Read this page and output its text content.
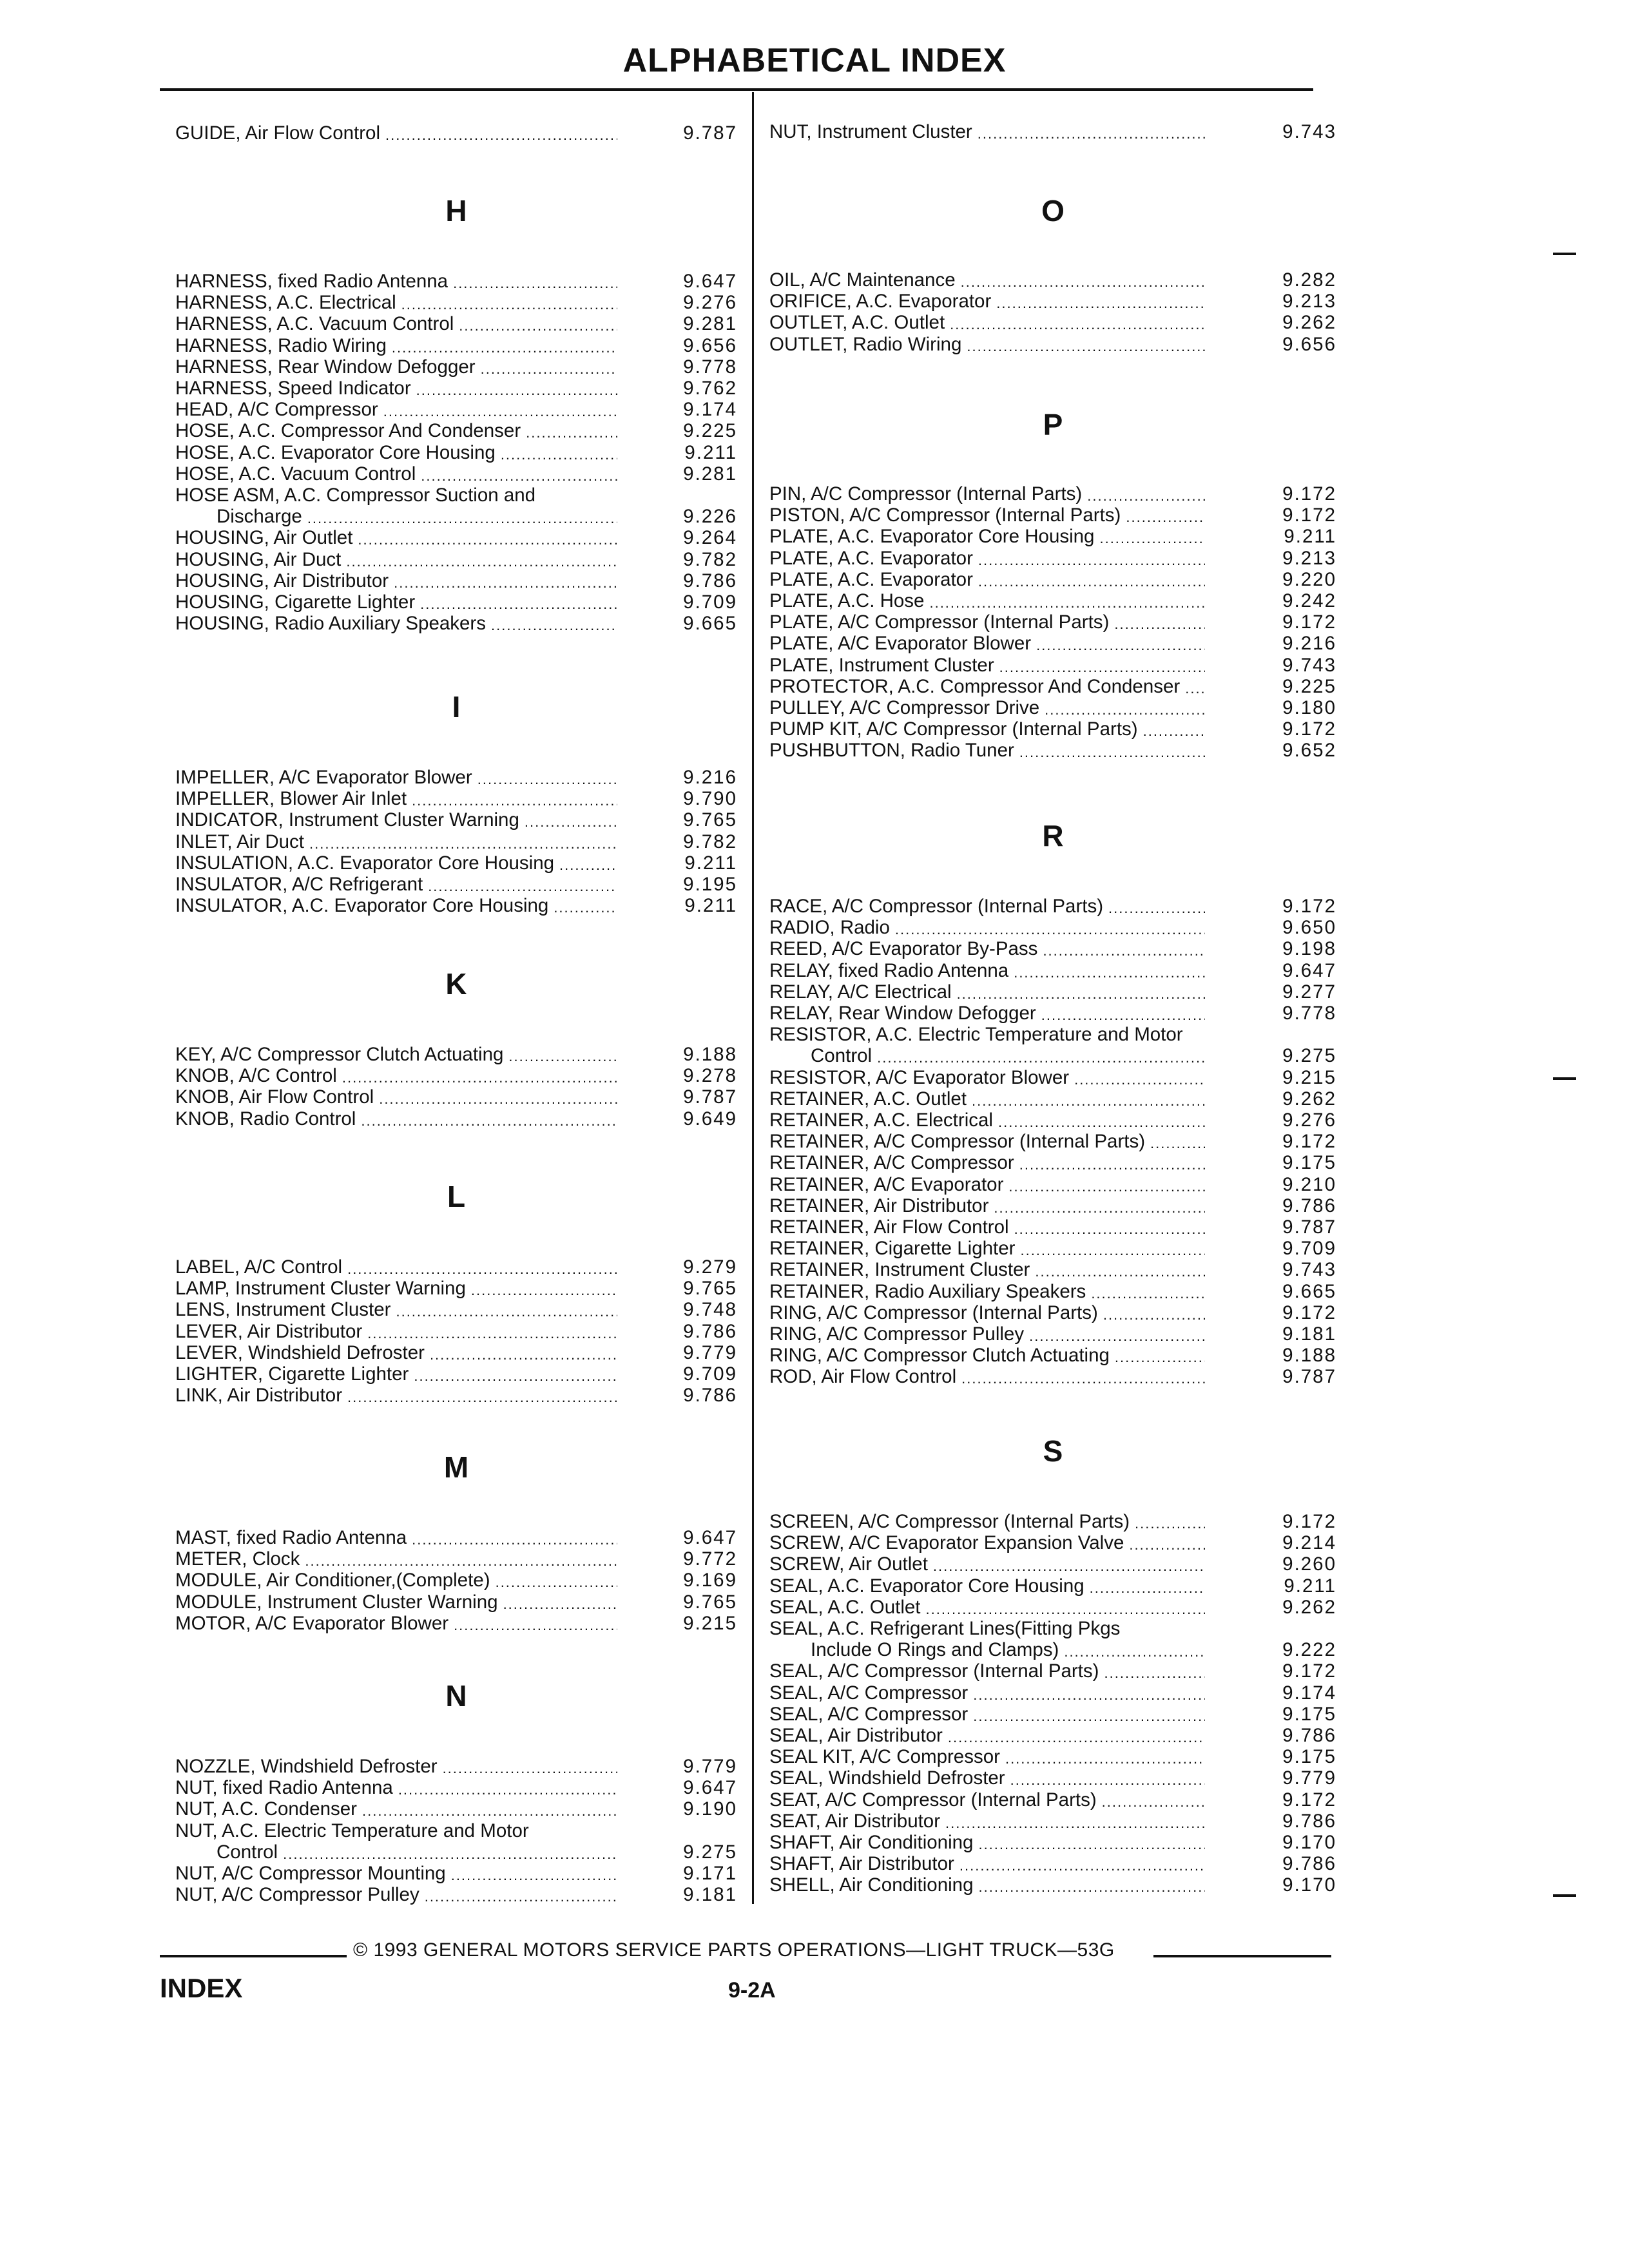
ALPHABETICAL INDEX
GUIDE, Air Flow Control .....	9.787
H
HARNESS, fixed Radio Antenna .....	9.647
HARNESS, A.C. Electrical .....	9.276
HARNESS, A.C. Vacuum Control .....	9.281
HARNESS, Radio Wiring .....	9.656
HARNESS, Rear Window Defogger .....	9.778
HARNESS, Speed Indicator .....	9.762
HEAD, A/C Compressor .....	9.174
HOSE, A.C. Compressor And Condenser .....	9.225
HOSE, A.C. Evaporator Core Housing .....	9.211
HOSE, A.C. Vacuum Control .....	9.281
HOSE ASM, A.C. Compressor Suction and
Discharge .....	9.226
HOUSING, Air Outlet .....	9.264
HOUSING, Air Duct .....	9.782
HOUSING, Air Distributor .....	9.786
HOUSING, Cigarette Lighter .....	9.709
HOUSING, Radio Auxiliary Speakers .....	9.665
I
IMPELLER, A/C Evaporator Blower .....	9.216
IMPELLER, Blower Air Inlet .....	9.790
INDICATOR, Instrument Cluster Warning .....	9.765
INLET, Air Duct .....	9.782
INSULATION, A.C. Evaporator Core Housing .....	9.211
INSULATOR, A/C Refrigerant .....	9.195
INSULATOR, A.C. Evaporator Core Housing .....	9.211
K
KEY, A/C Compressor Clutch Actuating .....	9.188
KNOB, A/C Control .....	9.278
KNOB, Air Flow Control .....	9.787
KNOB, Radio Control .....	9.649
L
LABEL, A/C Control .....	9.279
LAMP, Instrument Cluster Warning .....	9.765
LENS, Instrument Cluster .....	9.748
LEVER, Air Distributor .....	9.786
LEVER, Windshield Defroster .....	9.779
LIGHTER, Cigarette Lighter .....	9.709
LINK, Air Distributor .....	9.786
M
MAST, fixed Radio Antenna .....	9.647
METER, Clock .....	9.772
MODULE, Air Conditioner,(Complete) .....	9.169
MODULE, Instrument Cluster Warning .....	9.765
MOTOR, A/C Evaporator Blower .....	9.215
N
NOZZLE, Windshield Defroster .....	9.779
NUT, fixed Radio Antenna .....	9.647
NUT, A.C. Condenser .....	9.190
NUT, A.C. Electric Temperature and Motor
Control .....	9.275
NUT, A/C Compressor Mounting .....	9.171
NUT, A/C Compressor Pulley .....	9.181
NUT, Instrument Cluster .....	9.743
O
OIL, A/C Maintenance .....	9.282
ORIFICE, A.C. Evaporator .....	9.213
OUTLET, A.C. Outlet .....	9.262
OUTLET, Radio Wiring .....	9.656
P
PIN, A/C Compressor (Internal Parts) .....	9.172
PISTON, A/C Compressor (Internal Parts) .....	9.172
PLATE, A.C. Evaporator Core Housing .....	9.211
PLATE, A.C. Evaporator .....	9.213
PLATE, A.C. Evaporator .....	9.220
PLATE, A.C. Hose .....	9.242
PLATE, A/C Compressor (Internal Parts) .....	9.172
PLATE, A/C Evaporator Blower .....	9.216
PLATE, Instrument Cluster .....	9.743
PROTECTOR, A.C. Compressor And Condenser .....	9.225
PULLEY, A/C Compressor Drive .....	9.180
PUMP KIT, A/C Compressor (Internal Parts) .....	9.172
PUSHBUTTON, Radio Tuner .....	9.652
R
RACE, A/C Compressor (Internal Parts) .....	9.172
RADIO, Radio .....	9.650
REED, A/C Evaporator By-Pass .....	9.198
RELAY, fixed Radio Antenna .....	9.647
RELAY, A/C Electrical .....	9.277
RELAY, Rear Window Defogger .....	9.778
RESISTOR, A.C. Electric Temperature and Motor
Control .....	9.275
RESISTOR, A/C Evaporator Blower .....	9.215
RETAINER, A.C. Outlet .....	9.262
RETAINER, A.C. Electrical .....	9.276
RETAINER, A/C Compressor (Internal Parts) .....	9.172
RETAINER, A/C Compressor .....	9.175
RETAINER, A/C Evaporator .....	9.210
RETAINER, Air Distributor .....	9.786
RETAINER, Air Flow Control .....	9.787
RETAINER, Cigarette Lighter .....	9.709
RETAINER, Instrument Cluster .....	9.743
RETAINER, Radio Auxiliary Speakers .....	9.665
RING, A/C Compressor (Internal Parts) .....	9.172
RING, A/C Compressor Pulley .....	9.181
RING, A/C Compressor Clutch Actuating .....	9.188
ROD, Air Flow Control .....	9.787
S
SCREEN, A/C Compressor (Internal Parts) .....	9.172
SCREW, A/C Evaporator Expansion Valve .....	9.214
SCREW, Air Outlet .....	9.260
SEAL, A.C. Evaporator Core Housing .....	9.211
SEAL, A.C. Outlet .....	9.262
SEAL, A.C. Refrigerant Lines(Fitting Pkgs
Include O Rings and Clamps) .....	9.222
SEAL, A/C Compressor (Internal Parts) .....	9.172
SEAL, A/C Compressor .....	9.174
SEAL, A/C Compressor .....	9.175
SEAL, Air Distributor .....	9.786
SEAL KIT, A/C Compressor .....	9.175
SEAL, Windshield Defroster .....	9.779
SEAT, A/C Compressor (Internal Parts) .....	9.172
SEAT, Air Distributor .....	9.786
SHAFT, Air Conditioning .....	9.170
SHAFT, Air Distributor .....	9.786
SHELL, Air Conditioning .....	9.170
© 1993 GENERAL MOTORS SERVICE PARTS OPERATIONS—LIGHT TRUCK—53G
INDEX	9-2A
